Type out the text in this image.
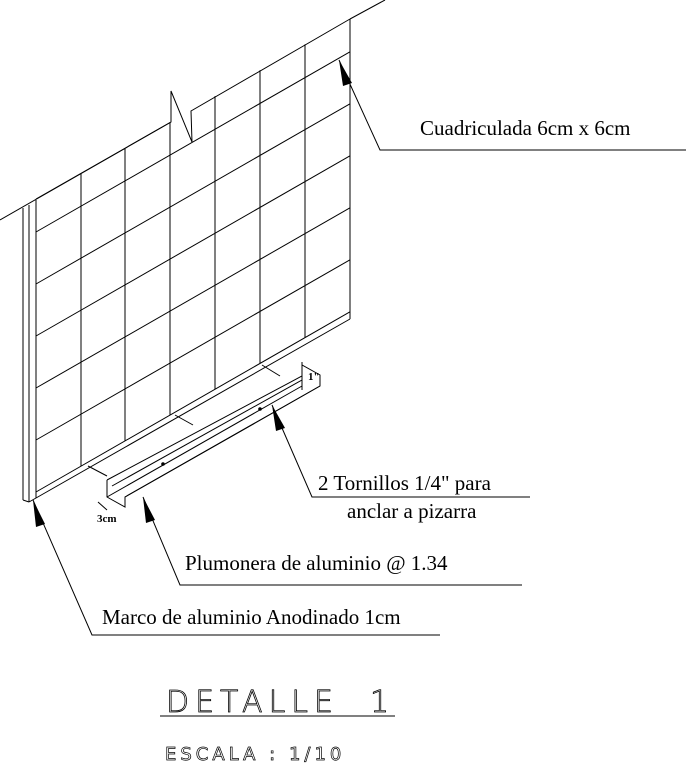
1"
3cm
Cuadriculada 6cm x 6cm
2 Tornillos 1/4" para
anclar a pizarra
Plumonera de aluminio @ 1.34
Marco de aluminio Anodinado 1cm
DETALLE  1
ESCALA : 1/10
